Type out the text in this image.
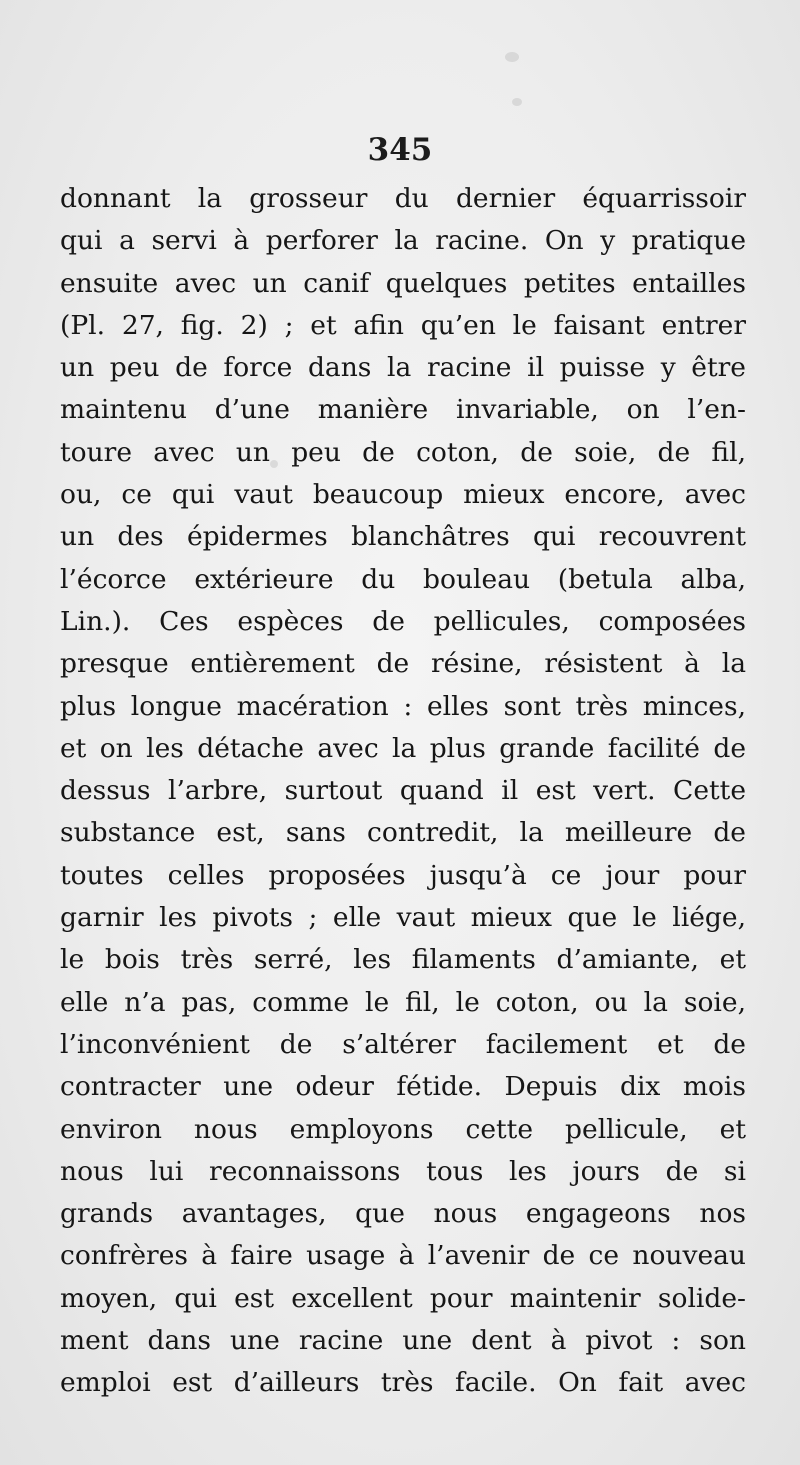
345
donnant la grosseur du dernier équarrissoir
qui a servi à perforer la racine. On y pratique
ensuite avec un canif quelques petites entailles
(Pl. 27, fig. 2) ; et afin qu’en le faisant entrer
un peu de force dans la racine il puisse y être
maintenu d’une manière invariable, on l’en-
toure avec un peu de coton, de soie, de fil,
ou, ce qui vaut beaucoup mieux encore, avec
un des épidermes blanchâtres qui recouvrent
l’écorce extérieure du bouleau (betula alba,
Lin.). Ces espèces de pellicules, composées
presque entièrement de résine, résistent à la
plus longue macération : elles sont très minces,
et on les détache avec la plus grande facilité de
dessus l’arbre, surtout quand il est vert. Cette
substance est, sans contredit, la meilleure de
toutes celles proposées jusqu’à ce jour pour
garnir les pivots ; elle vaut mieux que le liége,
le bois très serré, les filaments d’amiante, et
elle n’a pas, comme le fil, le coton, ou la soie,
l’inconvénient de s’altérer facilement et de
contracter une odeur fétide. Depuis dix mois
environ nous employons cette pellicule, et
nous lui reconnaissons tous les jours de si
grands avantages, que nous engageons nos
confrères à faire usage à l’avenir de ce nouveau
moyen, qui est excellent pour maintenir solide-
ment dans une racine une dent à pivot : son
emploi est d’ailleurs très facile. On fait avec
